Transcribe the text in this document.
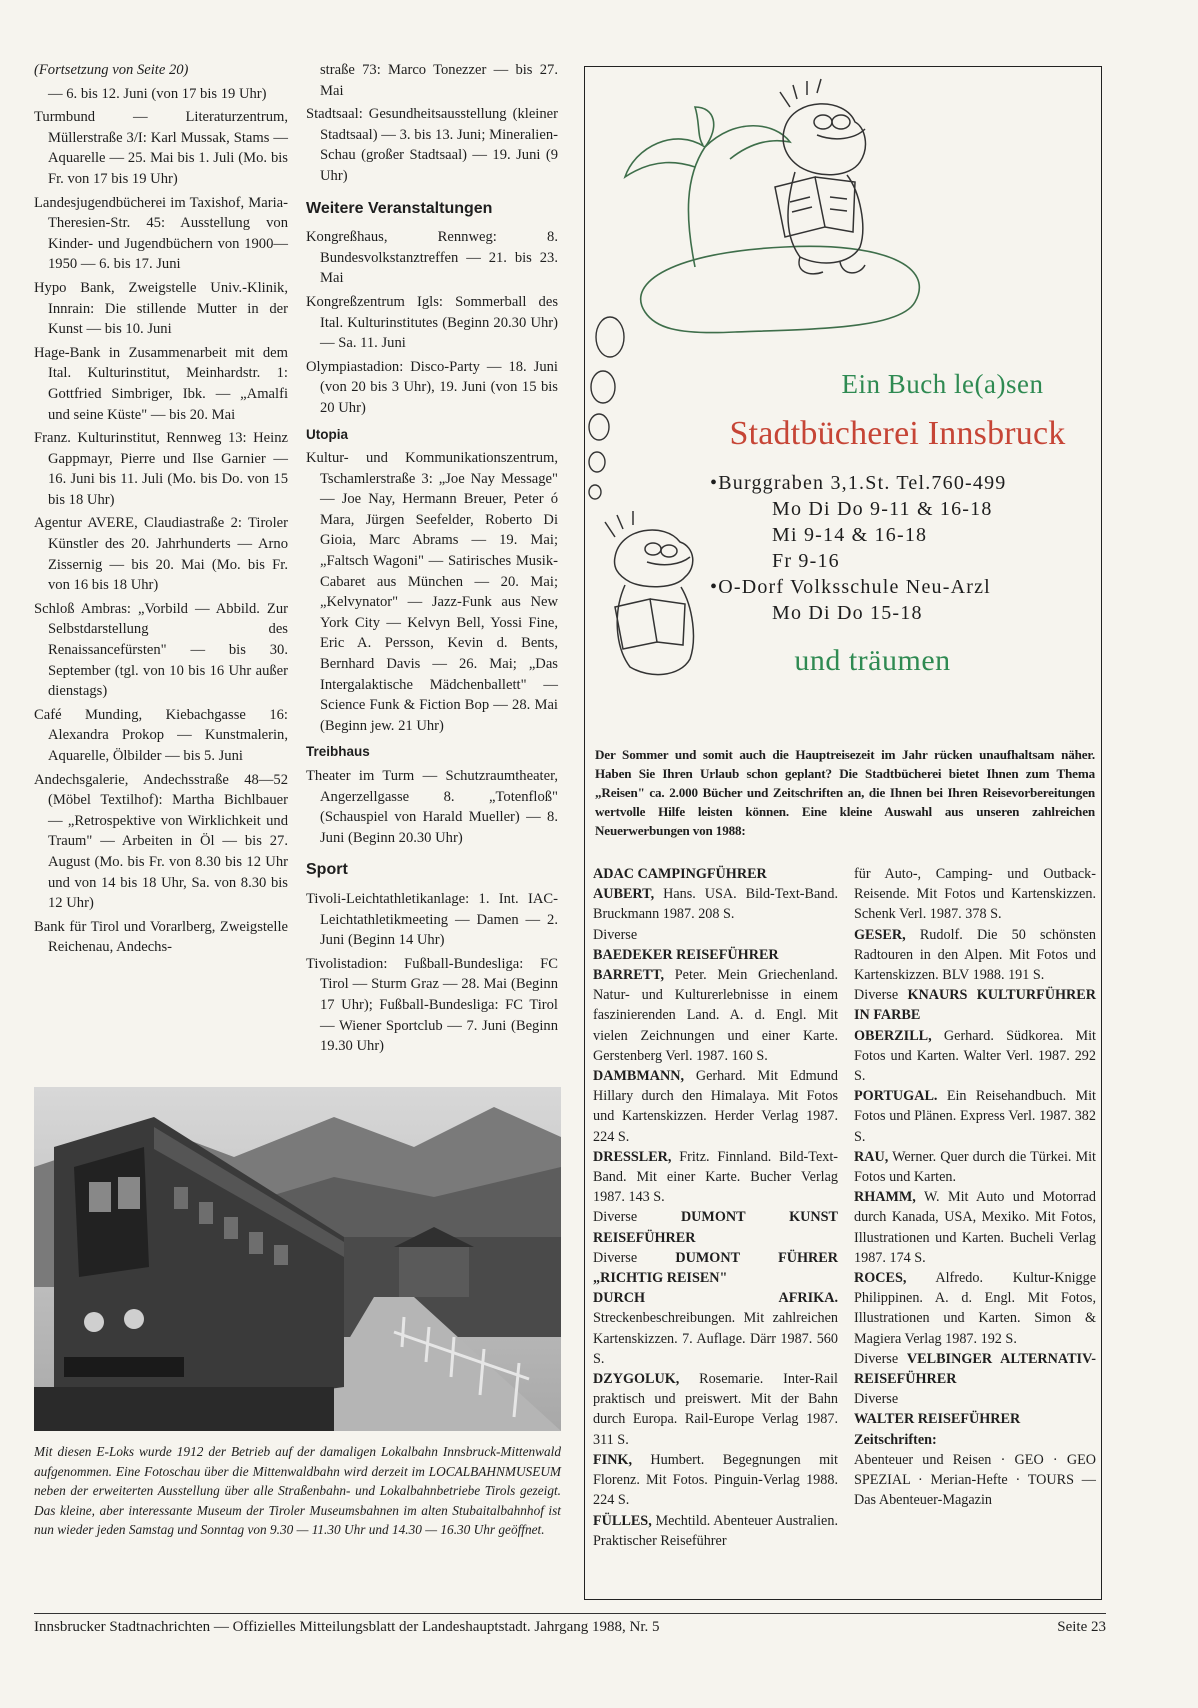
(Fortsetzung von Seite 20)
— 6. bis 12. Juni (von 17 bis 19 Uhr)
Turmbund — Literaturzentrum, Müllerstraße 3/I: Karl Mussak, Stams — Aquarelle — 25. Mai bis 1. Juli (Mo. bis Fr. von 17 bis 19 Uhr)
Landesjugendbücherei im Taxishof, Maria-Theresien-Str. 45: Ausstellung von Kinder- und Jugendbüchern von 1900—1950 — 6. bis 17. Juni
Hypo Bank, Zweigstelle Univ.-Klinik, Innrain: Die stillende Mutter in der Kunst — bis 10. Juni
Hage-Bank in Zusammenarbeit mit dem Ital. Kulturinstitut, Meinhardstr. 1: Gottfried Simbriger, Ibk. — „Amalfi und seine Küste" — bis 20. Mai
Franz. Kulturinstitut, Rennweg 13: Heinz Gappmayr, Pierre und Ilse Garnier — 16. Juni bis 11. Juli (Mo. bis Do. von 15 bis 18 Uhr)
Agentur AVERE, Claudiastraße 2: Tiroler Künstler des 20. Jahrhunderts — Arno Zissernig — bis 20. Mai (Mo. bis Fr. von 16 bis 18 Uhr)
Schloß Ambras: „Vorbild — Abbild. Zur Selbstdarstellung des Renaissancefürsten" — bis 30. September (tgl. von 10 bis 16 Uhr außer dienstags)
Café Munding, Kiebachgasse 16: Alexandra Prokop — Kunstmalerin, Aquarelle, Ölbilder — bis 5. Juni
Andechsgalerie, Andechsstraße 48—52 (Möbel Textilhof): Martha Bichlbauer — „Retrospektive von Wirklichkeit und Traum" — Arbeiten in Öl — bis 27. August (Mo. bis Fr. von 8.30 bis 12 Uhr und von 14 bis 18 Uhr, Sa. von 8.30 bis 12 Uhr)
Bank für Tirol und Vorarlberg, Zweigstelle Reichenau, Andechs-
straße 73: Marco Tonezzer — bis 27. Mai
Stadtsaal: Gesundheitsausstellung (kleiner Stadtsaal) — 3. bis 13. Juni; Mineralien-Schau (großer Stadtsaal) — 19. Juni (9 Uhr)
Weitere Veranstaltungen
Kongreßhaus, Rennweg: 8. Bundesvolkstanztreffen — 21. bis 23. Mai
Kongreßzentrum Igls: Sommerball des Ital. Kulturinstitutes (Beginn 20.30 Uhr) — Sa. 11. Juni
Olympiastadion: Disco-Party — 18. Juni (von 20 bis 3 Uhr), 19. Juni (von 15 bis 20 Uhr)
Utopia
Kultur- und Kommunikationszentrum, Tschamlerstraße 3: „Joe Nay Message" — Joe Nay, Hermann Breuer, Peter ó Mara, Jürgen Seefelder, Roberto Di Gioia, Marc Abrams — 19. Mai; „Faltsch Wagoni" — Satirisches Musik-Cabaret aus München — 20. Mai; „Kelvynator" — Jazz-Funk aus New York City — Kelvyn Bell, Yossi Fine, Eric A. Persson, Kevin d. Bents, Bernhard Davis — 26. Mai; „Das Intergalaktische Mädchenballett" — Science Funk & Fiction Bop — 28. Mai (Beginn jew. 21 Uhr)
Treibhaus
Theater im Turm — Schutzraumtheater, Angerzellgasse 8. „Totenfloß" (Schauspiel von Harald Mueller) — 8. Juni (Beginn 20.30 Uhr)
Sport
Tivoli-Leichtathletikanlage: 1. Int. IAC-Leichtathletikmeeting — Damen — 2. Juni (Beginn 14 Uhr)
Tivolistadion: Fußball-Bundesliga: FC Tirol — Sturm Graz — 28. Mai (Beginn 17 Uhr); Fußball-Bundesliga: FC Tirol — Wiener Sportclub — 7. Juni (Beginn 19.30 Uhr)
Mit diesen E-Loks wurde 1912 der Betrieb auf der damaligen Lokalbahn Innsbruck-Mittenwald aufgenommen. Eine Fotoschau über die Mittenwaldbahn wird derzeit im LOCALBAHNMUSEUM neben der erweiterten Ausstellung über alle Straßenbahn- und Lokalbahnbetriebe Tirols gezeigt. Das kleine, aber interessante Museum der Tiroler Museumsbahnen im alten Stubaitalbahnhof ist nun wieder jeden Samstag und Sonntag von 9.30 — 11.30 Uhr und 14.30 — 16.30 Uhr geöffnet.
Ein Buch le(a)sen
Stadtbücherei Innsbruck
•Burggraben 3,1.St. Tel.760-499
Mo Di Do 9-11 & 16-18
Mi 9-14 & 16-18
Fr 9-16
•O-Dorf Volksschule Neu-Arzl
Mo Di Do 15-18
und träumen
Der Sommer und somit auch die Hauptreisezeit im Jahr rücken unaufhaltsam näher. Haben Sie Ihren Urlaub schon geplant? Die Stadtbücherei bietet Ihnen zum Thema „Reisen" ca. 2.000 Bücher und Zeitschriften an, die Ihnen bei Ihren Reisevorbereitungen wertvolle Hilfe leisten können. Eine kleine Auswahl aus unseren zahlreichen Neuerwerbungen von 1988:
ADAC CAMPINGFÜHRER
AUBERT, Hans. USA. Bild-Text-Band. Bruckmann 1987. 208 S.
Diverse
BAEDEKER REISEFÜHRER
BARRETT, Peter. Mein Griechenland. Natur- und Kulturerlebnisse in einem faszinierenden Land. A. d. Engl. Mit vielen Zeichnungen und einer Karte. Gerstenberg Verl. 1987. 160 S.
DAMBMANN, Gerhard. Mit Edmund Hillary durch den Himalaya. Mit Fotos und Kartenskizzen. Herder Verlag 1987. 224 S.
DRESSLER, Fritz. Finnland. Bild-Text-Band. Mit einer Karte. Bucher Verlag 1987. 143 S.
Diverse DUMONT KUNST REISEFÜHRER
Diverse DUMONT FÜHRER „RICHTIG REISEN"
DURCH AFRIKA. Streckenbeschreibungen. Mit zahlreichen Kartenskizzen. 7. Auflage. Därr 1987. 560 S.
DZYGOLUK, Rosemarie. Inter-Rail praktisch und preiswert. Mit der Bahn durch Europa. Rail-Europe Verlag 1987. 311 S.
FINK, Humbert. Begegnungen mit Florenz. Mit Fotos. Pinguin-Verlag 1988. 224 S.
FÜLLES, Mechtild. Abenteuer Australien. Praktischer Reiseführer
für Auto-, Camping- und Outback-Reisende. Mit Fotos und Kartenskizzen. Schenk Verl. 1987. 378 S.
GESER, Rudolf. Die 50 schönsten Radtouren in den Alpen. Mit Fotos und Kartenskizzen. BLV 1988. 191 S.
Diverse KNAURS KULTURFÜHRER IN FARBE
OBERZILL, Gerhard. Südkorea. Mit Fotos und Karten. Walter Verl. 1987. 292 S.
PORTUGAL. Ein Reisehandbuch. Mit Fotos und Plänen. Express Verl. 1987. 382 S.
RAU, Werner. Quer durch die Türkei. Mit Fotos und Karten.
RHAMM, W. Mit Auto und Motorrad durch Kanada, USA, Mexiko. Mit Fotos, Illustrationen und Karten. Bucheli Verlag 1987. 174 S.
ROCES, Alfredo. Kultur-Knigge Philippinen. A. d. Engl. Mit Fotos, Illustrationen und Karten. Simon & Magiera Verlag 1987. 192 S.
Diverse VELBINGER ALTERNATIV-REISEFÜHRER
Diverse
WALTER REISEFÜHRER
Zeitschriften:
Abenteuer und Reisen · GEO · GEO SPEZIAL · Merian-Hefte · TOURS — Das Abenteuer-Magazin
Innsbrucker Stadtnachrichten — Offizielles Mitteilungsblatt der Landeshauptstadt. Jahrgang 1988, Nr. 5	Seite 23
